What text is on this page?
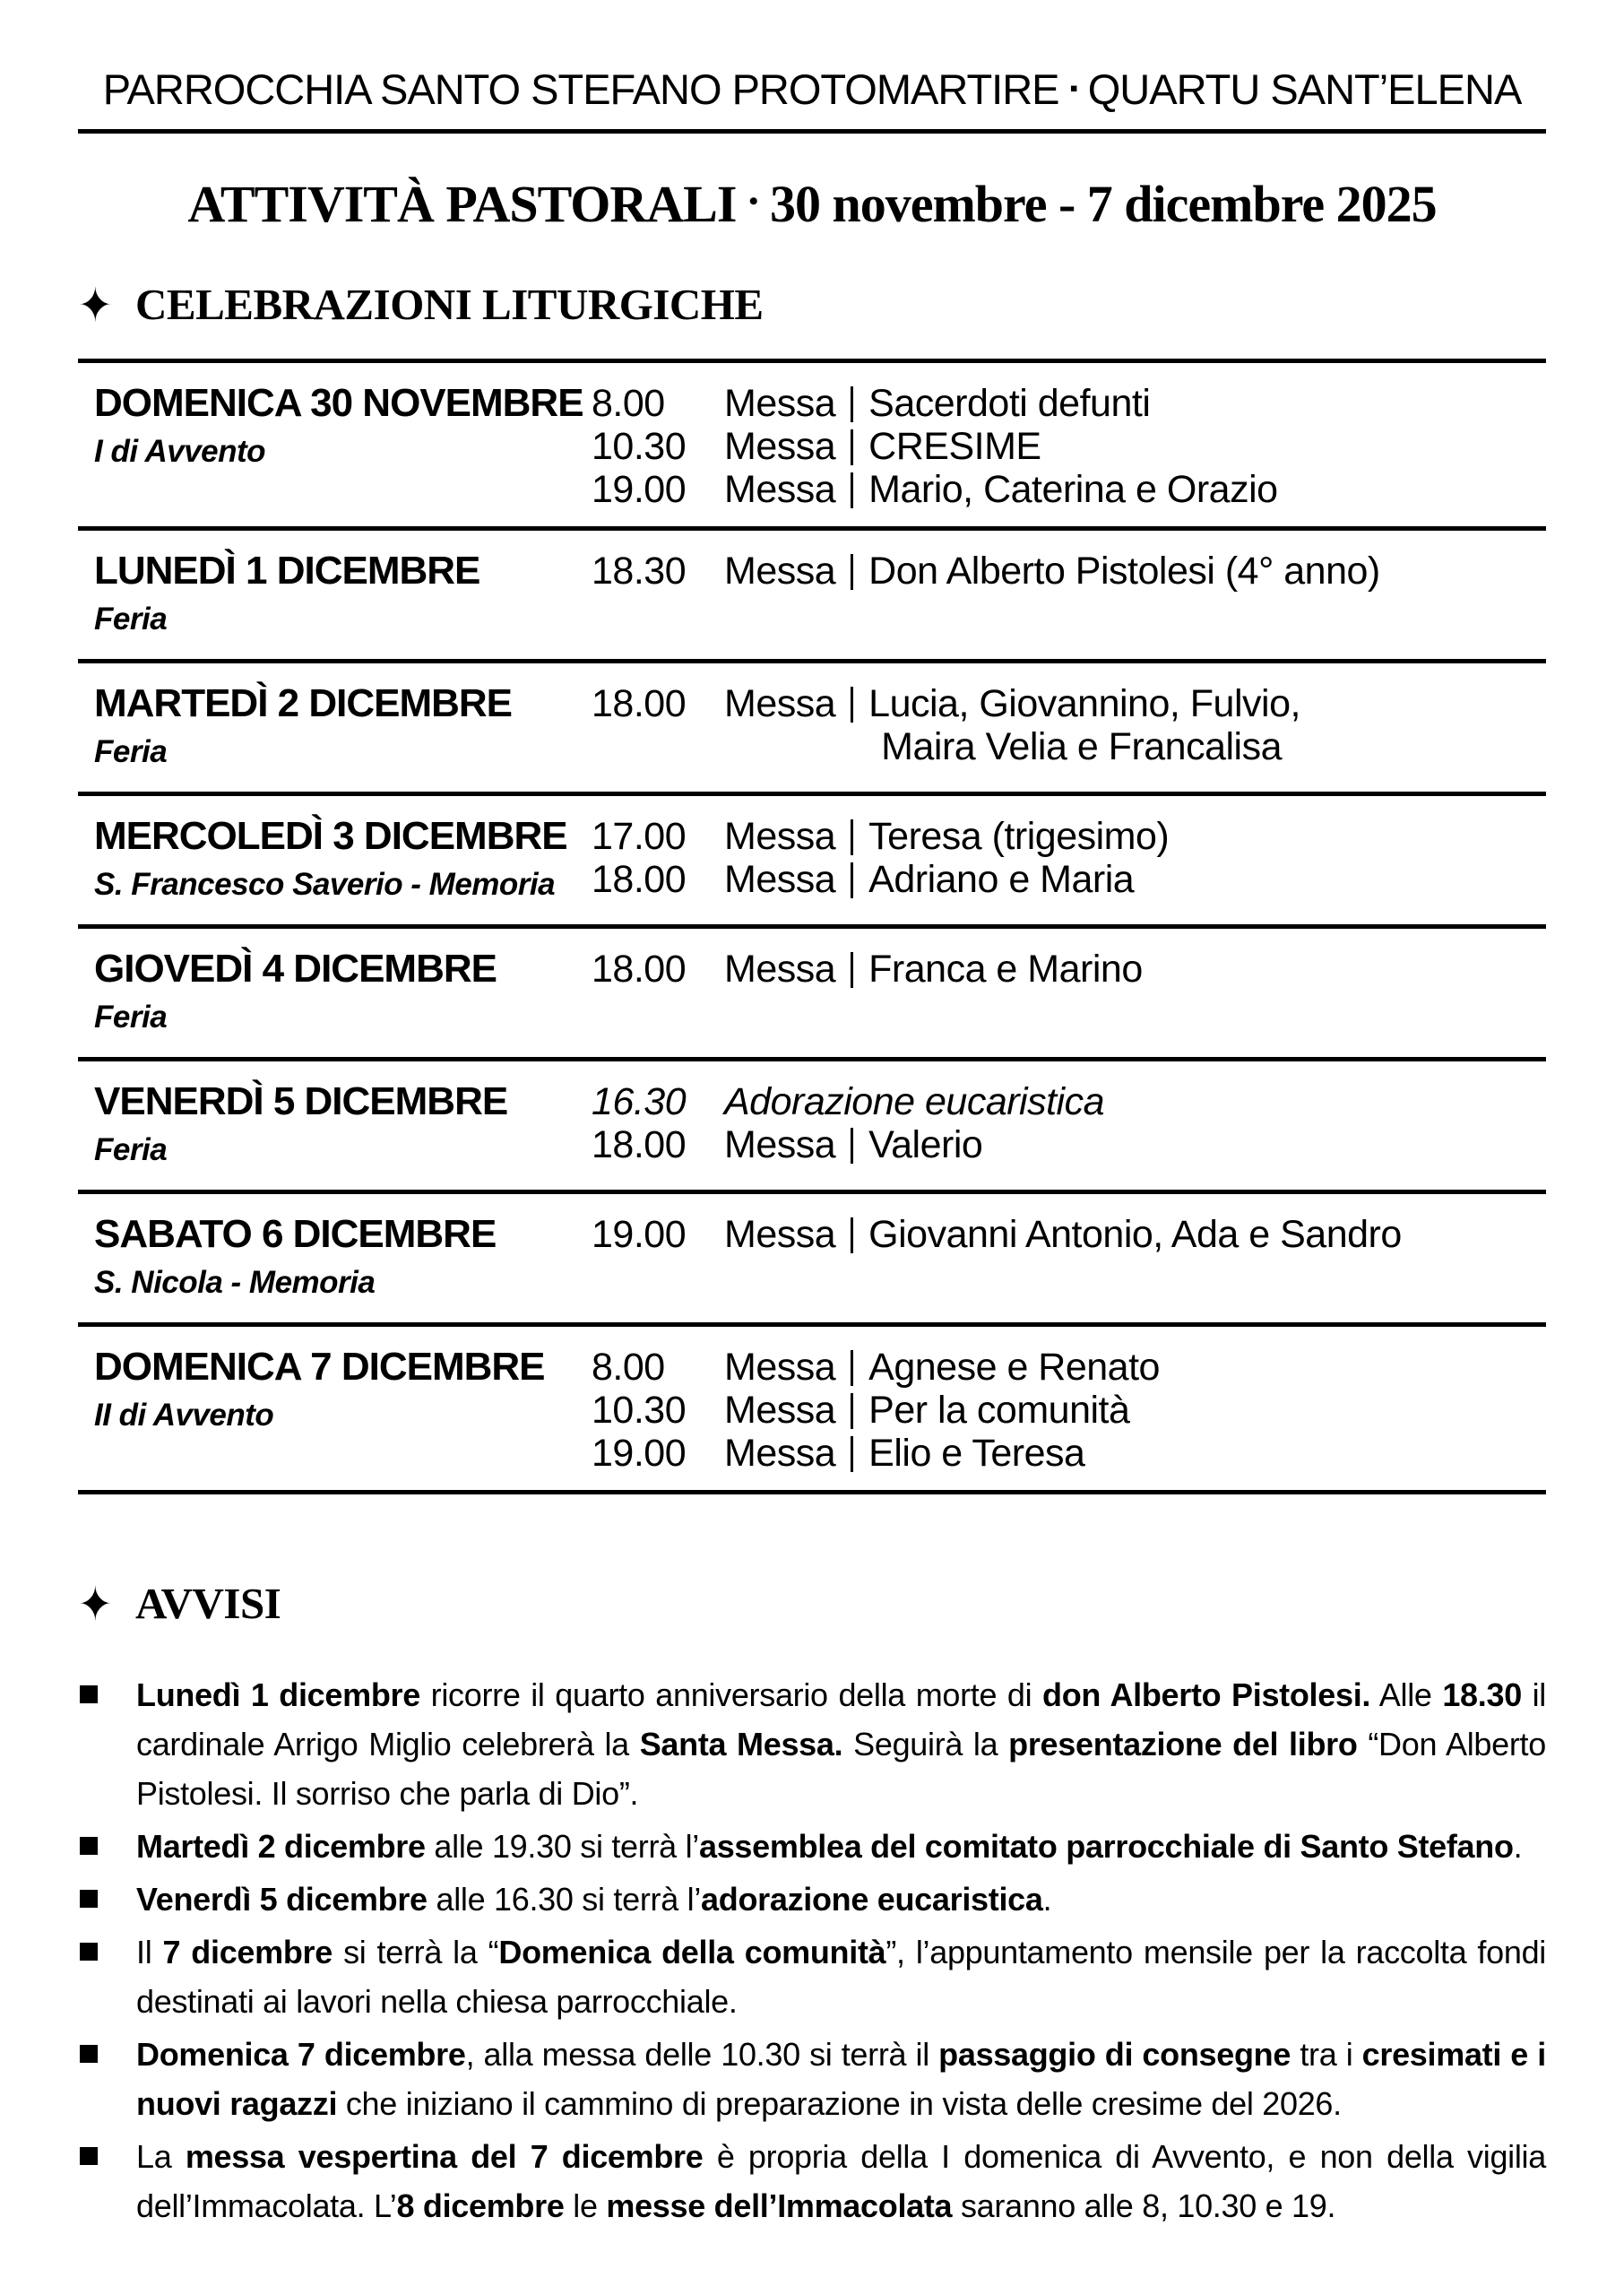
PARROCCHIA SANTO STEFANO PROTOMARTIRE ▪ QUARTU SANT’ELENA
ATTIVITÀ PASTORALI • 30 novembre - 7 dicembre 2025
✦ CELEBRAZIONI LITURGICHE
DOMENICA 30 NOVEMBRE
I di Avvento
8.00	Messa Sacerdoti defunti
10.30 Messa CRESIME
19.00 Messa Mario, Caterina e Orazio
LUNEDÌ 1 DICEMBRE
Feria
18.30 Messa Don Alberto Pistolesi (4° anno)
MARTEDÌ 2 DICEMBRE
Feria
18.00 Messa Lucia, Giovannino, Fulvio,
Maira Velia e Francalisa
MERCOLEDÌ 3 DICEMBRE
S. Francesco Saverio - Memoria
17.00 Messa Teresa (trigesimo)
18.00 Messa Adriano e Maria
GIOVEDÌ 4 DICEMBRE
Feria
18.00 Messa Franca e Marino
VENERDÌ 5 DICEMBRE
Feria
16.30 Adorazione eucaristica
18.00 Messa Valerio
SABATO 6 DICEMBRE
S. Nicola - Memoria
19.00 Messa Giovanni Antonio, Ada e Sandro
DOMENICA 7 DICEMBRE
II di Avvento
8.00	Messa Agnese e Renato
10.30 Messa Per la comunità
19.00 Messa Elio e Teresa
✦ AVVISI
Lunedì 1 dicembre ricorre il quarto anniversario della morte di don Alberto Pistolesi. Alle 18.30 il cardinale Arrigo Miglio celebrerà la Santa Messa. Seguirà la presentazione del libro “Don Alberto Pistolesi. Il sorriso che parla di Dio”.
Martedì 2 dicembre alle 19.30 si terrà l’assemblea del comitato parrocchiale di Santo Stefano.
Venerdì 5 dicembre alle 16.30 si terrà l’adorazione eucaristica.
Il 7 dicembre si terrà la “Domenica della comunità”, l’appuntamento mensile per la raccolta fondi destinati ai lavori nella chiesa parrocchiale.
Domenica 7 dicembre, alla messa delle 10.30 si terrà il passaggio di consegne tra i cresimati e i nuovi ragazzi che iniziano il cammino di preparazione in vista delle cresime del 2026.
La messa vespertina del 7 dicembre è propria della I domenica di Avvento, e non della vigilia dell’Immacolata. L’8 dicembre le messe dell’Immacolata saranno alle 8, 10.30 e 19.
